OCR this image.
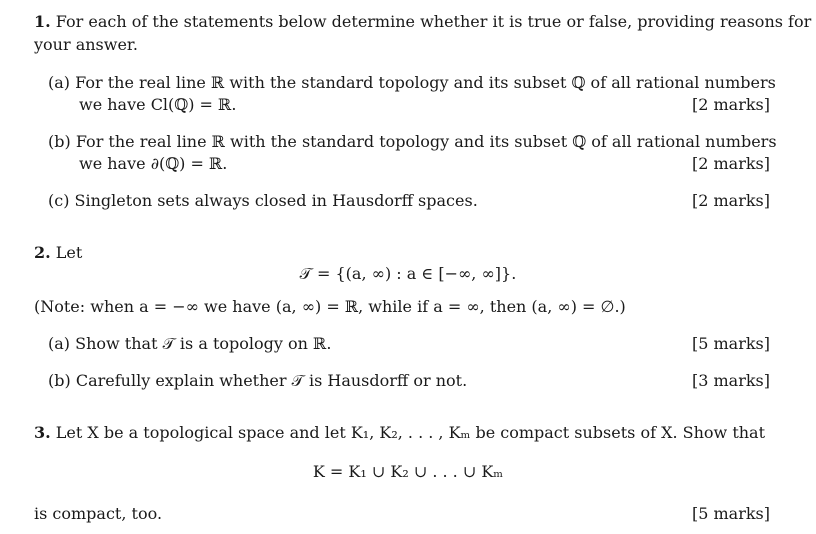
1. For each of the statements below determine whether it is true or false, providing reasons for
your answer.
(a) For the real line ℝ with the standard topology and its subset ℚ of all rational numbers
we have Cl(ℚ) = ℝ.	[2 marks]
(b) For the real line ℝ with the standard topology and its subset ℚ of all rational numbers
we have ∂(ℚ) = ℝ.	[2 marks]
(c) Singleton sets always closed in Hausdorff spaces.	[2 marks]
2. Let
𝒯 = {(a, ∞) : a ∈ [−∞, ∞]}.
(Note: when a = −∞ we have (a, ∞) = ℝ, while if a = ∞, then (a, ∞) = ∅.)
(a) Show that 𝒯 is a topology on ℝ.	[5 marks]
(b) Carefully explain whether 𝒯 is Hausdorff or not.	[3 marks]
3. Let X be a topological space and let K₁, K₂, . . . , Kₘ be compact subsets of X. Show that
K = K₁ ∪ K₂ ∪ . . . ∪ Kₘ
is compact, too.	[5 marks]
